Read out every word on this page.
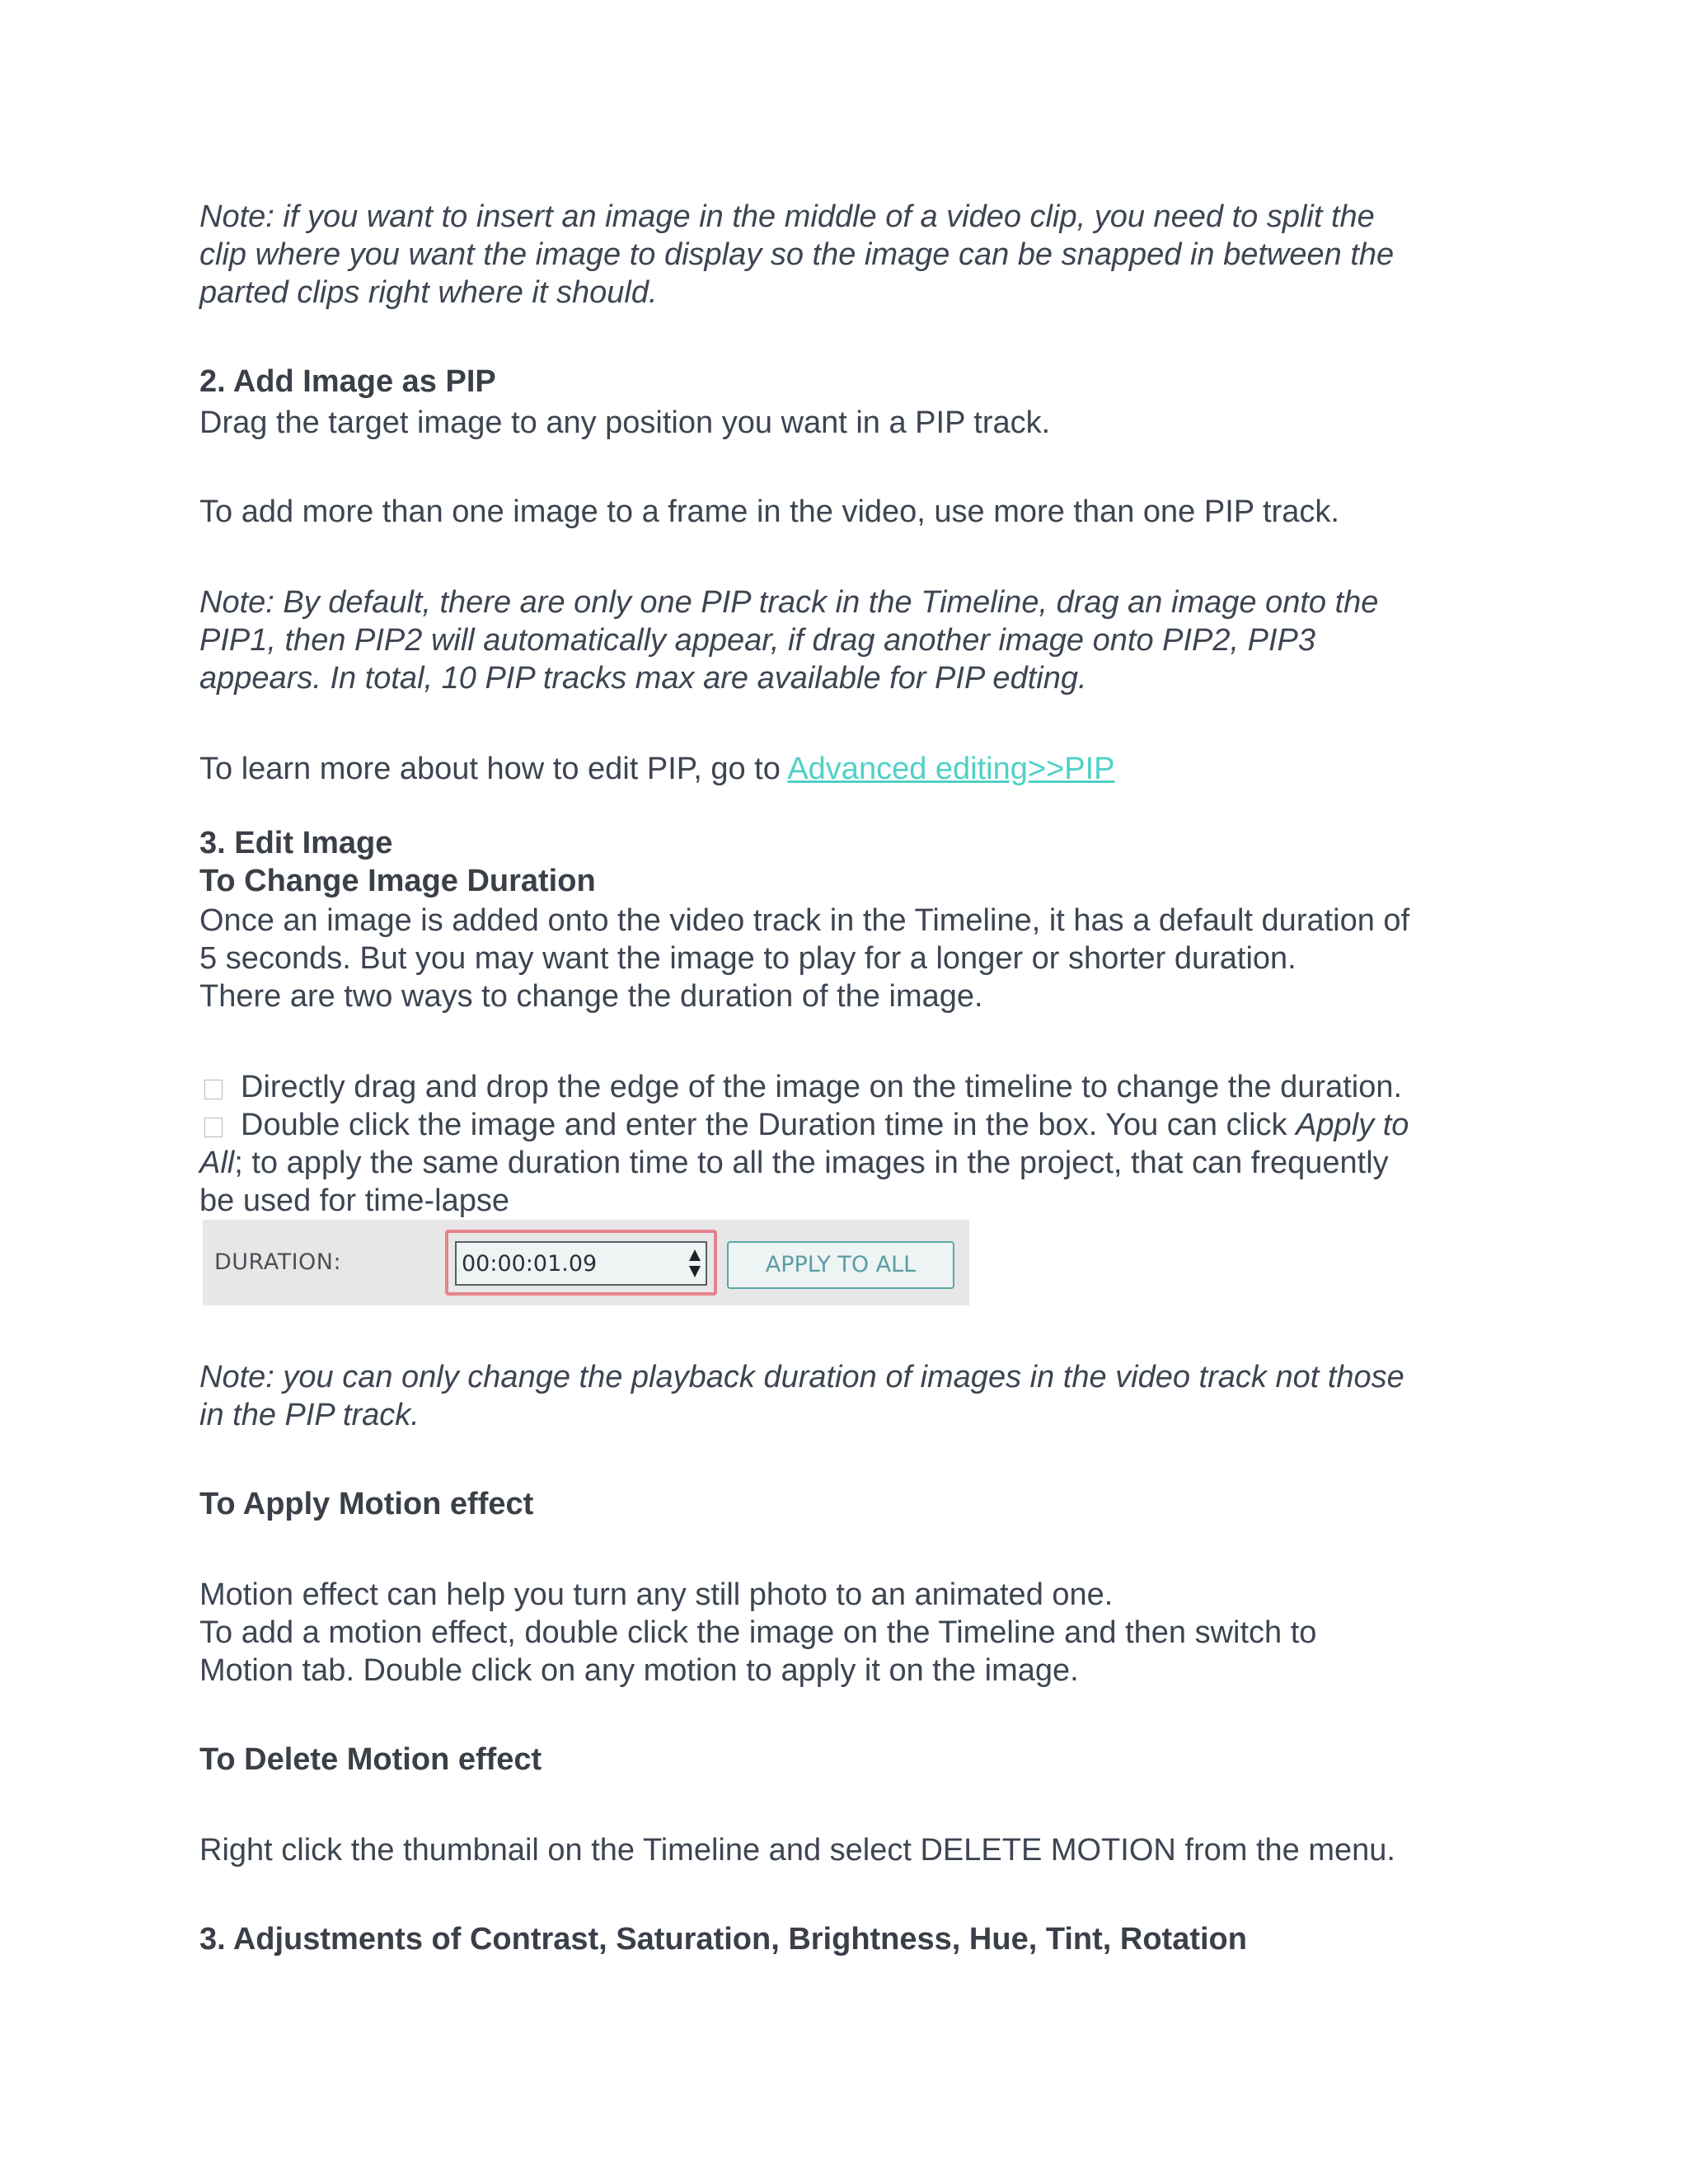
Note: if you want to insert an image in the middle of a video clip, you need to split the
clip where you want the image to display so the image can be snapped in between the
parted clips right where it should.
2. Add Image as PIP
Drag the target image to any position you want in a PIP track.
To add more than one image to a frame in the video, use more than one PIP track.
Note: By default, there are only one PIP track in the Timeline, drag an image onto the
PIP1, then PIP2 will automatically appear, if drag another image onto PIP2, PIP3
appears. In total, 10 PIP tracks max are available for PIP edting.
To learn more about how to edit PIP, go to Advanced editing>>PIP
3. Edit Image
To Change Image Duration
Once an image is added onto the video track in the Timeline, it has a default duration of
5 seconds. But you may want the image to play for a longer or shorter duration.
There are two ways to change the duration of the image.
Directly drag and drop the edge of the image on the timeline to change the duration.
Double click the image and enter the Duration time in the box. You can click Apply to
All; to apply the same duration time to all the images in the project, that can frequently
be used for time-lapse
DURATION:	00:00:01.09	APPLY TO ALL
Note: you can only change the playback duration of images in the video track not those
in the PIP track.
To Apply Motion effect
Motion effect can help you turn any still photo to an animated one.
To add a motion effect, double click the image on the Timeline and then switch to
Motion tab. Double click on any motion to apply it on the image.
To Delete Motion effect
Right click the thumbnail on the Timeline and select DELETE MOTION from the menu.
3. Adjustments of Contrast, Saturation, Brightness, Hue, Tint, Rotation
